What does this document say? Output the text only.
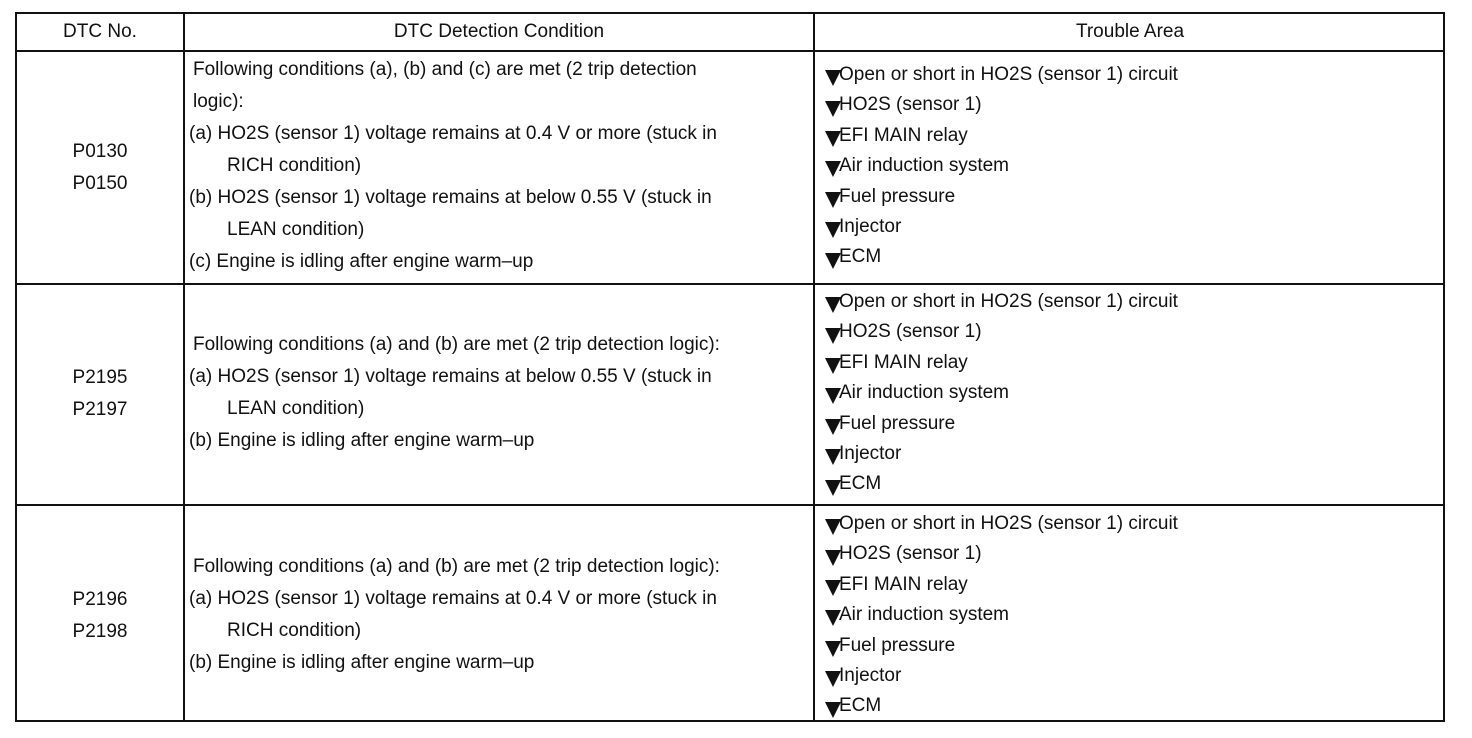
DTC No.	DTC Detection Condition	Trouble Area
P0130
P0150
Following conditions (a), (b) and (c) are met (2 trip detection
logic):
(a) HO2S (sensor 1) voltage remains at 0.4 V or more (stuck in
RICH condition)
(b) HO2S (sensor 1) voltage remains at below 0.55 V (stuck in
LEAN condition)
(c) Engine is idling after engine warm–up
Open or short in HO2S (sensor 1) circuit
HO2S (sensor 1)
EFI MAIN relay
Air induction system
Fuel pressure
Injector
ECM
P2195
P2197
Following conditions (a) and (b) are met (2 trip detection logic):
(a) HO2S (sensor 1) voltage remains at below 0.55 V (stuck in
LEAN condition)
(b) Engine is idling after engine warm–up
Open or short in HO2S (sensor 1) circuit
HO2S (sensor 1)
EFI MAIN relay
Air induction system
Fuel pressure
Injector
ECM
P2196
P2198
Following conditions (a) and (b) are met (2 trip detection logic):
(a) HO2S (sensor 1) voltage remains at 0.4 V or more (stuck in
RICH condition)
(b) Engine is idling after engine warm–up
Open or short in HO2S (sensor 1) circuit
HO2S (sensor 1)
EFI MAIN relay
Air induction system
Fuel pressure
Injector
ECM
